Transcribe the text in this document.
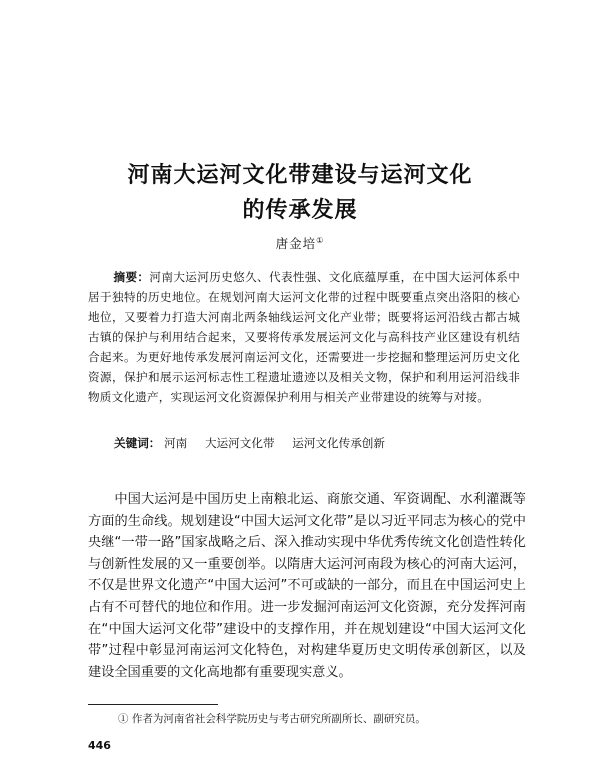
河南大运河文化带建设与运河文化
的传承发展
唐金培①
摘要：河南大运河历史悠久、代表性强、文化底蕴厚重，在中国大运河体系中居于独特的历史地位。在规划河南大运河文化带的过程中既要重点突出洛阳的核心地位，又要着力打造大河南北两条轴线运河文化产业带；既要将运河沿线古都古城古镇的保护与利用结合起来，又要将传承发展运河文化与高科技产业区建设有机结合起来。为更好地传承发展河南运河文化，还需要进一步挖掘和整理运河历史文化资源，保护和展示运河标志性工程遗址遗迹以及相关文物，保护和利用运河沿线非物质文化遗产，实现运河文化资源保护利用与相关产业带建设的统筹与对接。
关键词： 河南 大运河文化带 运河文化传承创新
中国大运河是中国历史上南粮北运、商旅交通、军资调配、水利灌溉等方面的生命线。规划建设“中国大运河文化带”是以习近平同志为核心的党中央继“一带一路”国家战略之后、深入推动实现中华优秀传统文化创造性转化与创新性发展的又一重要创举。以隋唐大运河河南段为核心的河南大运河，不仅是世界文化遗产“中国大运河”不可或缺的一部分，而且在中国运河史上占有不可替代的地位和作用。进一步发掘河南运河文化资源，充分发挥河南在“中国大运河文化带”建设中的支撑作用，并在规划建设“中国大运河文化带”过程中彰显河南运河文化特色，对构建华夏历史文明传承创新区，以及建设全国重要的文化高地都有重要现实意义。
① 作者为河南省社会科学院历史与考古研究所副所长、副研究员。
446
